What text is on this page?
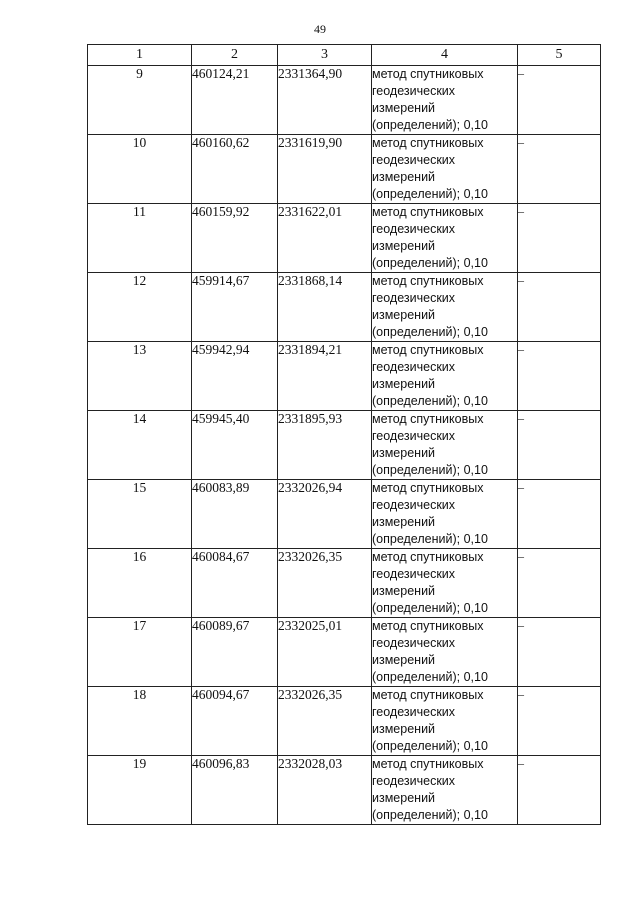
49
1	2	3	4	5
9	460124,21	2331364,90	метод спутниковых
геодезических
измерений
(определений); 0,10	–
10	460160,62	2331619,90	метод спутниковых
геодезических
измерений
(определений); 0,10	–
11	460159,92	2331622,01	метод спутниковых
геодезических
измерений
(определений); 0,10	–
12	459914,67	2331868,14	метод спутниковых
геодезических
измерений
(определений); 0,10	–
13	459942,94	2331894,21	метод спутниковых
геодезических
измерений
(определений); 0,10	–
14	459945,40	2331895,93	метод спутниковых
геодезических
измерений
(определений); 0,10	–
15	460083,89	2332026,94	метод спутниковых
геодезических
измерений
(определений); 0,10	–
16	460084,67	2332026,35	метод спутниковых
геодезических
измерений
(определений); 0,10	–
17	460089,67	2332025,01	метод спутниковых
геодезических
измерений
(определений); 0,10	–
18	460094,67	2332026,35	метод спутниковых
геодезических
измерений
(определений); 0,10	–
19	460096,83	2332028,03	метод спутниковых
геодезических
измерений
(определений); 0,10	–
